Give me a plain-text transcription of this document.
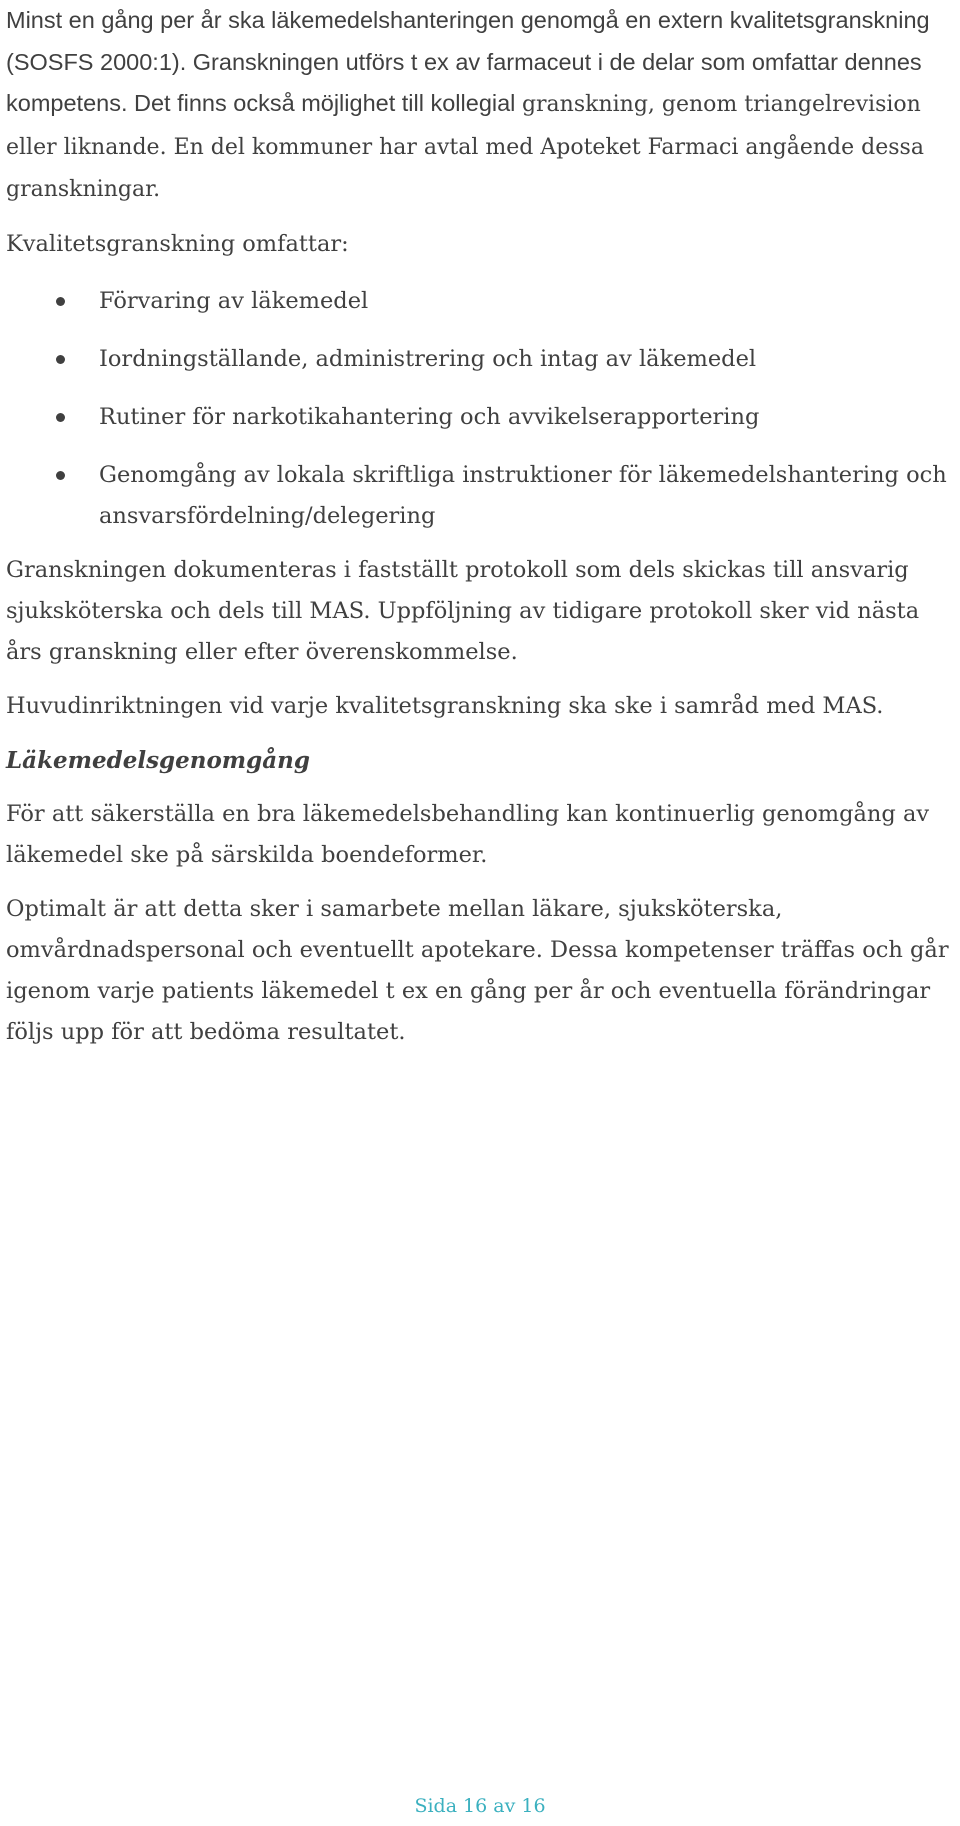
Minst en gång per år ska läkemedelshanteringen genomgå en extern kvalitetsgranskning (SOSFS 2000:1). Granskningen utförs t ex av farmaceut i de delar som omfattar dennes kompetens. Det finns också möjlighet till kollegial granskning, genom triangelrevision eller liknande. En del kommuner har avtal med Apoteket Farmaci angående dessa granskningar.

Kvalitetsgranskning omfattar:

Förvaring av läkemedel
Iordningställande, administrering och intag av läkemedel
Rutiner för narkotikahantering och avvikelserapportering
Genomgång av lokala skriftliga instruktioner för läkemedelshantering och ansvarsfördelning/delegering

Granskningen dokumenteras i fastställt protokoll som dels skickas till ansvarig sjuksköterska och dels till MAS. Uppföljning av tidigare protokoll sker vid nästa års granskning eller efter överenskommelse.

Huvudinriktningen vid varje kvalitetsgranskning ska ske i samråd med MAS.

Läkemedelsgenomgång

För att säkerställa en bra läkemedelsbehandling kan kontinuerlig genomgång av läkemedel ske på särskilda boendeformer.

Optimalt är att detta sker i samarbete mellan läkare, sjuksköterska, omvårdnadspersonal och eventuellt apotekare. Dessa kompetenser träffas och går igenom varje patients läkemedel t ex en gång per år och eventuella förändringar följs upp för att bedöma resultatet.

Sida 16 av 16
